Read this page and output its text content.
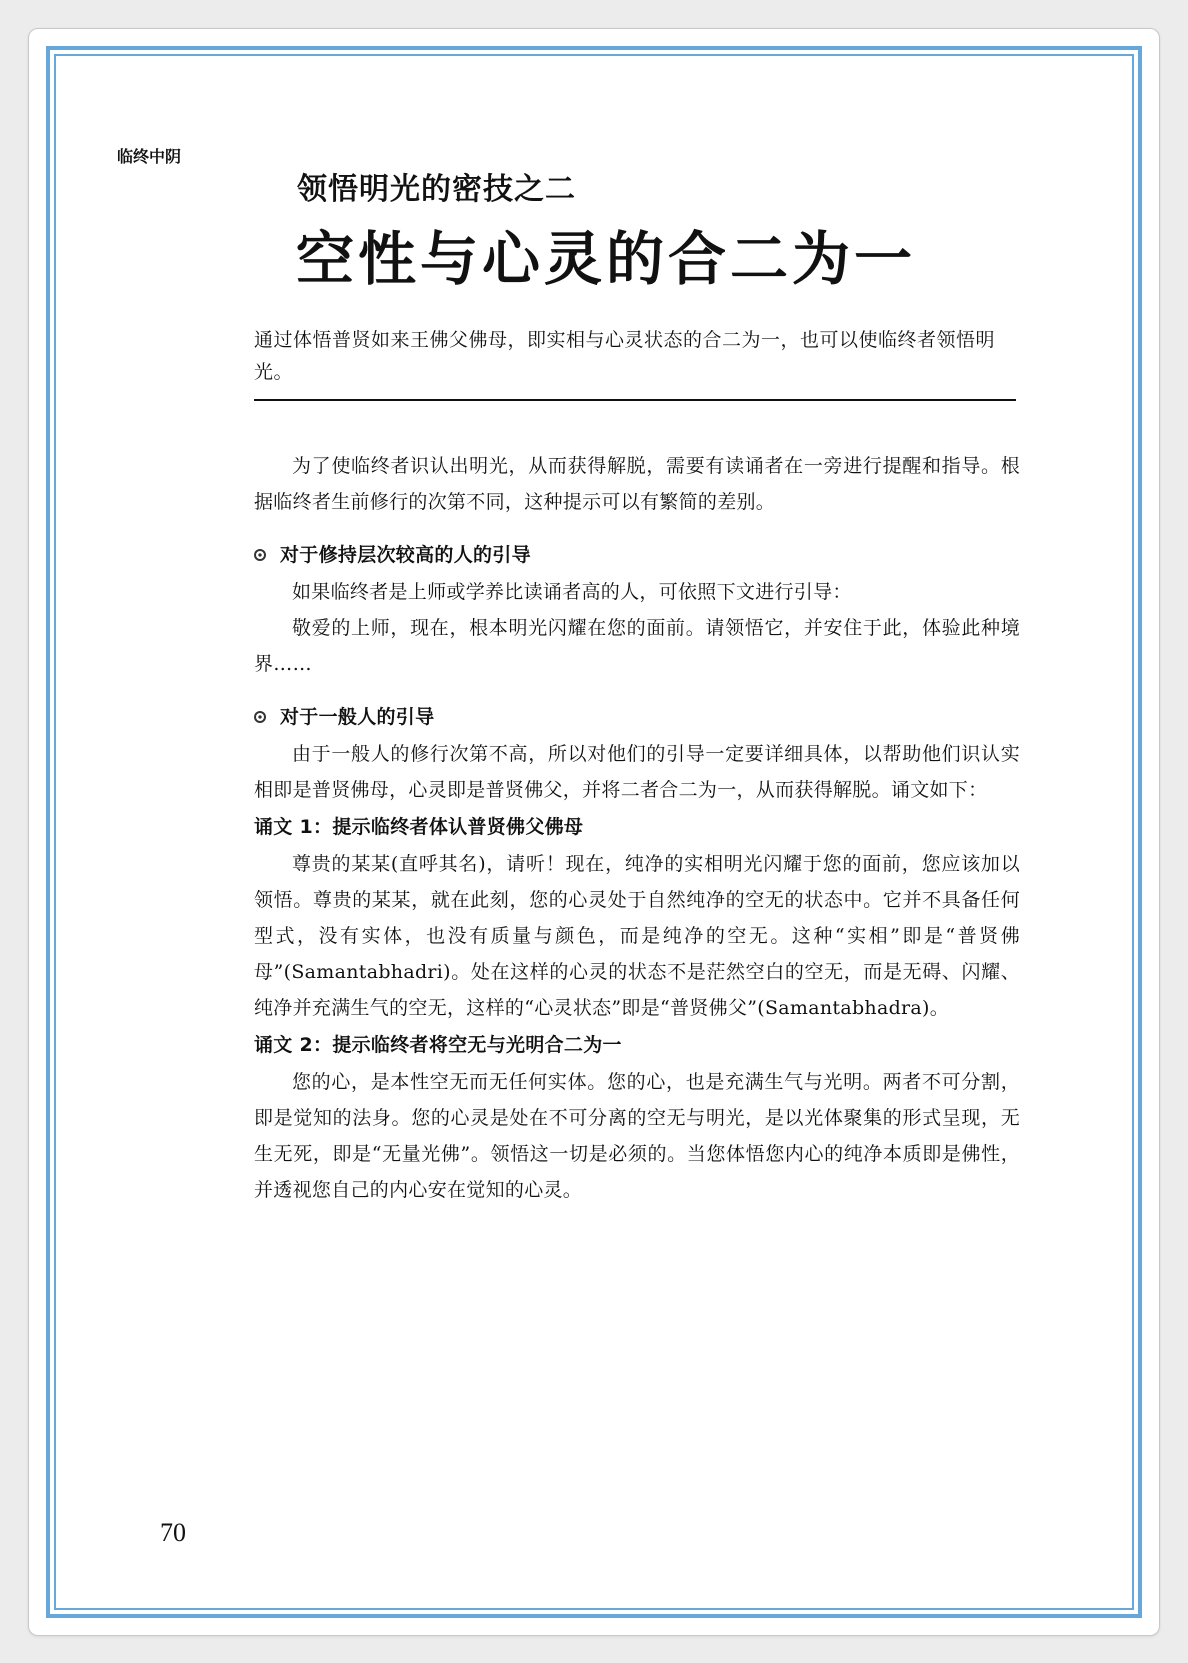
临终中阴
领悟明光的密技之二
空性与心灵的合二为一
通过体悟普贤如来王佛父佛母，即实相与心灵状态的合二为一，也可以使临终者领悟明光。

为了使临终者识认出明光，从而获得解脱，需要有读诵者在一旁进行提醒和指导。根据临终者生前修行的次第不同，这种提示可以有繁简的差别。

对于修持层次较高的人的引导

如果临终者是上师或学养比读诵者高的人，可依照下文进行引导：

敬爱的上师，现在，根本明光闪耀在您的面前。请领悟它，并安住于此，体验此种境界……

对于一般人的引导

由于一般人的修行次第不高，所以对他们的引导一定要详细具体，以帮助他们识认实相即是普贤佛母，心灵即是普贤佛父，并将二者合二为一，从而获得解脱。诵文如下：

诵文 1：提示临终者体认普贤佛父佛母

尊贵的某某(直呼其名)，请听！现在，纯净的实相明光闪耀于您的面前，您应该加以领悟。尊贵的某某，就在此刻，您的心灵处于自然纯净的空无的状态中。它并不具备任何型式，没有实体，也没有质量与颜色，而是纯净的空无。这种“实相”即是“普贤佛母”(Samantabhadri)。处在这样的心灵的状态不是茫然空白的空无，而是无碍、闪耀、纯净并充满生气的空无，这样的“心灵状态”即是“普贤佛父”(Samantabhadra)。

诵文 2：提示临终者将空无与光明合二为一

您的心，是本性空无而无任何实体。您的心，也是充满生气与光明。两者不可分割，即是觉知的法身。您的心灵是处在不可分离的空无与明光，是以光体聚集的形式呈现，无生无死，即是“无量光佛”。领悟这一切是必须的。当您体悟您内心的纯净本质即是佛性，并透视您自己的内心安在觉知的心灵。

70
